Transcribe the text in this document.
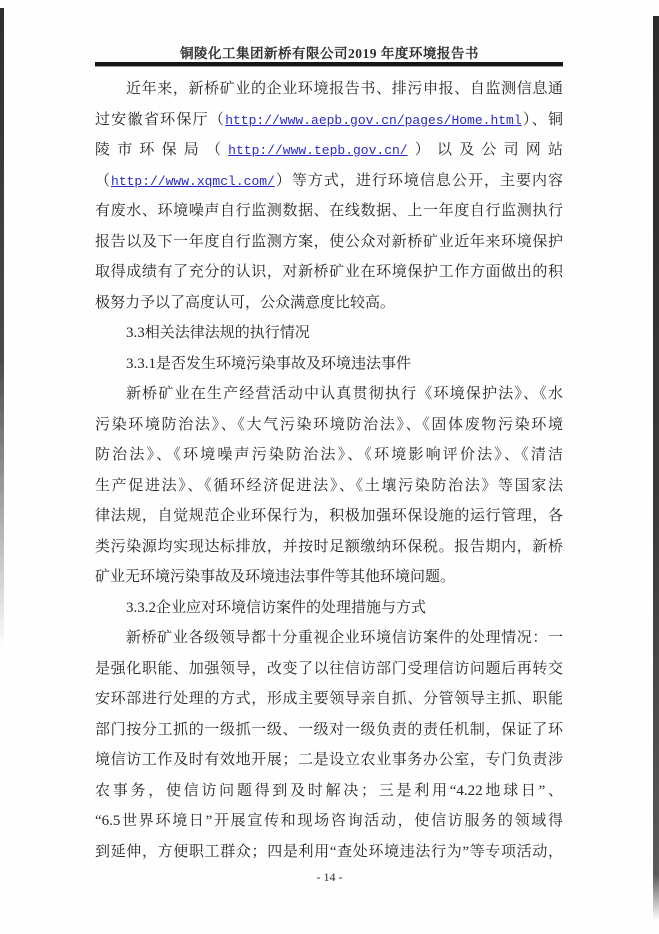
铜陵化工集团新桥有限公司2019 年度环境报告书
近年来，新桥矿业的企业环境报告书、排污申报、自监测信息通
过安徽省环保厅（http://www.aepb.gov.cn/pages/Home.html）、铜
陵市环保局（http://www.tepb.gov.cn/）以及公司网站
（http://www.xqmcl.com/）等方式，进行环境信息公开，主要内容
有废水、环境噪声自行监测数据、在线数据、上一年度自行监测执行
报告以及下一年度自行监测方案，使公众对新桥矿业近年来环境保护
取得成绩有了充分的认识，对新桥矿业在环境保护工作方面做出的积
极努力予以了高度认可，公众满意度比较高。
3.3相关法律法规的执行情况
3.3.1是否发生环境污染事故及环境违法事件
新桥矿业在生产经营活动中认真贯彻执行《环境保护法》、《水
污染环境防治法》、《大气污染环境防治法》、《固体废物污染环境
防治法》、《环境噪声污染防治法》、《环境影响评价法》、《清洁
生产促进法》、《循环经济促进法》、《土壤污染防治法》等国家法
律法规，自觉规范企业环保行为，积极加强环保设施的运行管理，各
类污染源均实现达标排放，并按时足额缴纳环保税。报告期内，新桥
矿业无环境污染事故及环境违法事件等其他环境问题。
3.3.2企业应对环境信访案件的处理措施与方式
新桥矿业各级领导都十分重视企业环境信访案件的处理情况：一
是强化职能、加强领导，改变了以往信访部门受理信访问题后再转交
安环部进行处理的方式，形成主要领导亲自抓、分管领导主抓、职能
部门按分工抓的一级抓一级、一级对一级负责的责任机制，保证了环
境信访工作及时有效地开展；二是设立农业事务办公室，专门负责涉
农事务，使信访问题得到及时解决；三是利用“4.22地球日”、
“6.5世界环境日”开展宣传和现场咨询活动，使信访服务的领域得
到延伸，方便职工群众；四是利用“查处环境违法行为”等专项活动，
- 14 -
